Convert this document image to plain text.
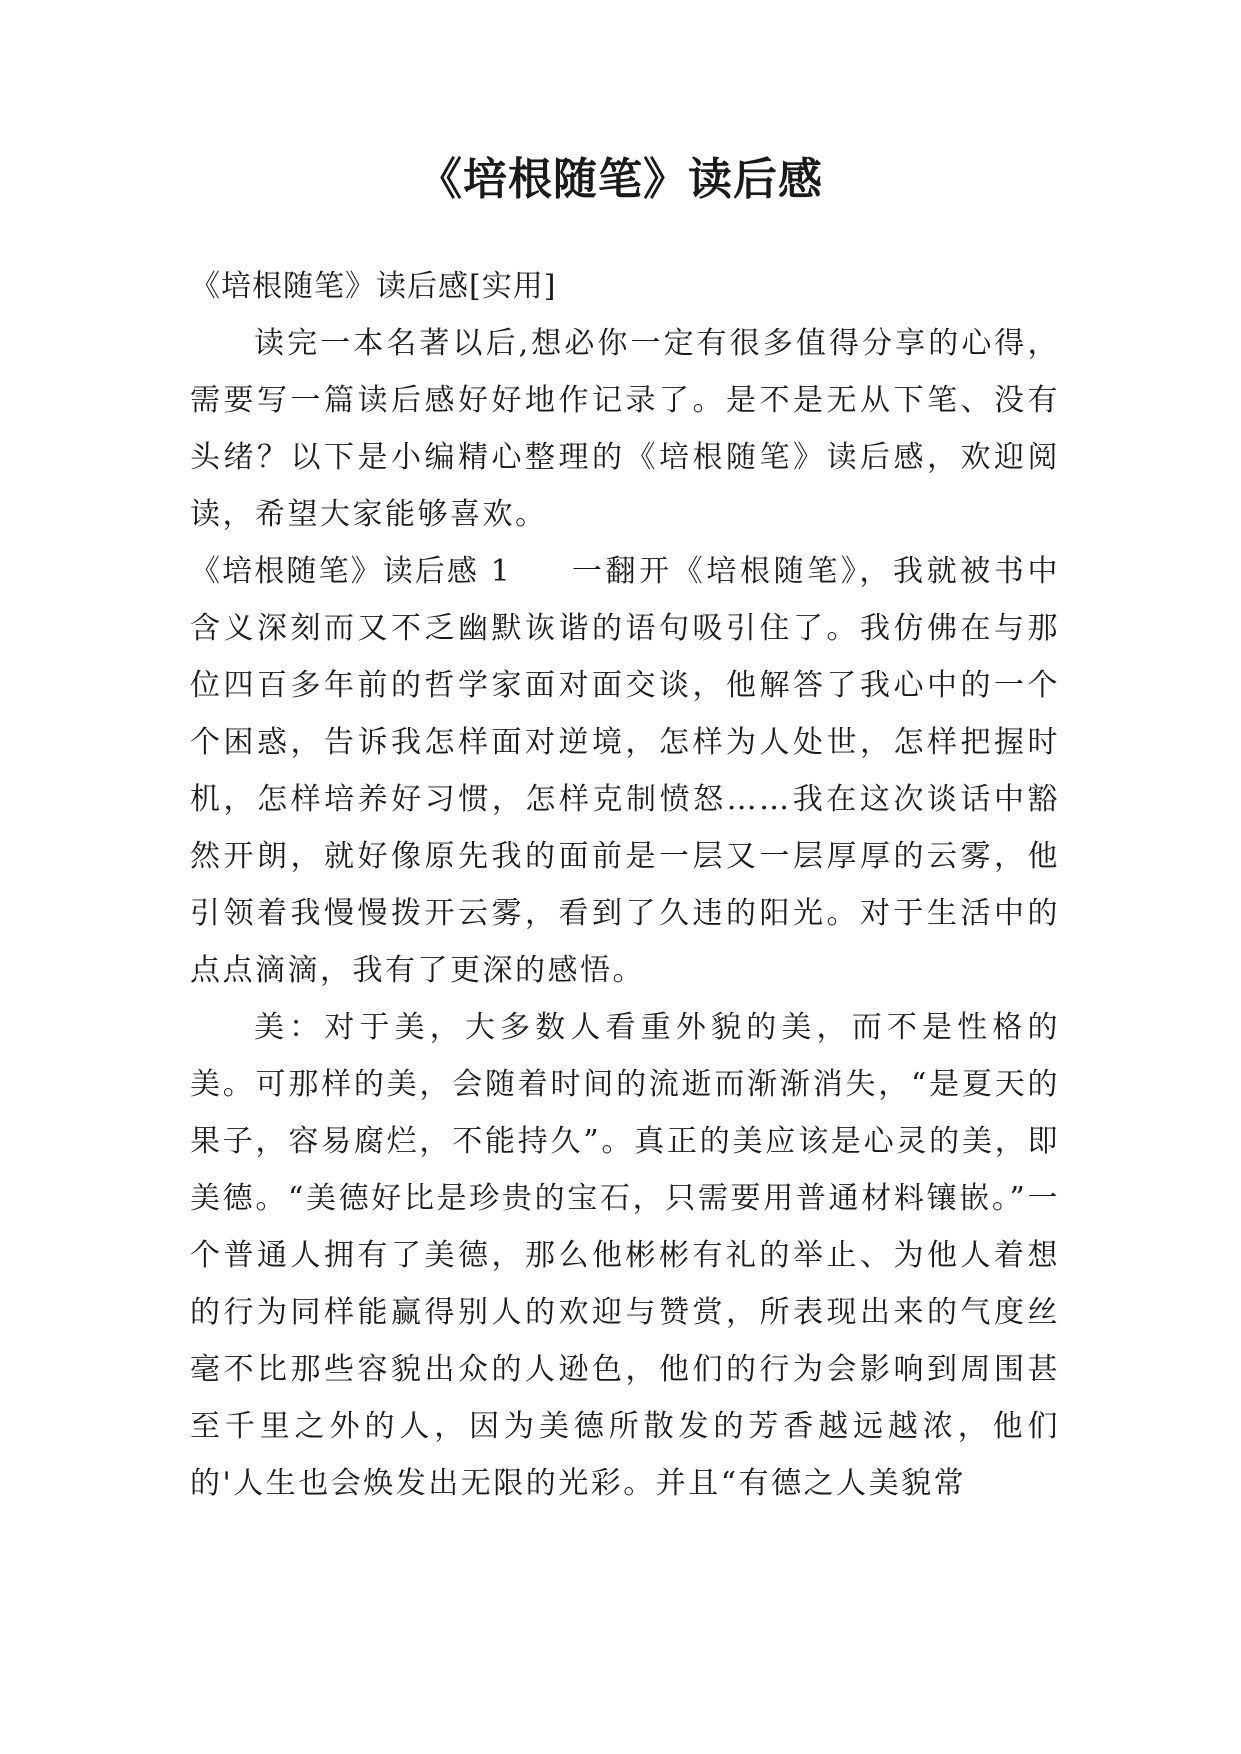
《培根随笔》读后感

《培根随笔》读后感[实用]

读完一本名著以后,想必你一定有很多值得分享的心得，需要写一篇读后感好好地作记录了。是不是无从下笔、没有头绪？以下是小编精心整理的《培根随笔》读后感，欢迎阅读，希望大家能够喜欢。

《培根随笔》读后感 1 一翻开《培根随笔》，我就被书中含义深刻而又不乏幽默诙谐的语句吸引住了。我仿佛在与那位四百多年前的哲学家面对面交谈，他解答了我心中的一个个困惑，告诉我怎样面对逆境，怎样为人处世，怎样把握时机，怎样培养好习惯，怎样克制愤怒……我在这次谈话中豁然开朗，就好像原先我的面前是一层又一层厚厚的云雾，他引领着我慢慢拨开云雾，看到了久违的阳光。对于生活中的点点滴滴，我有了更深的感悟。

美：对于美，大多数人看重外貌的美，而不是性格的美。可那样的美，会随着时间的流逝而渐渐消失，“是夏天的果子，容易腐烂，不能持久”。真正的美应该是心灵的美，即美德。“美德好比是珍贵的宝石，只需要用普通材料镶嵌。”一个普通人拥有了美德，那么他彬彬有礼的举止、为他人着想的行为同样能赢得别人的欢迎与赞赏，所表现出来的气度丝毫不比那些容貌出众的人逊色，他们的行为会影响到周围甚至千里之外的人，因为美德所散发的芳香越远越浓，他们的'人生也会焕发出无限的光彩。并且“有德之人美貌常
